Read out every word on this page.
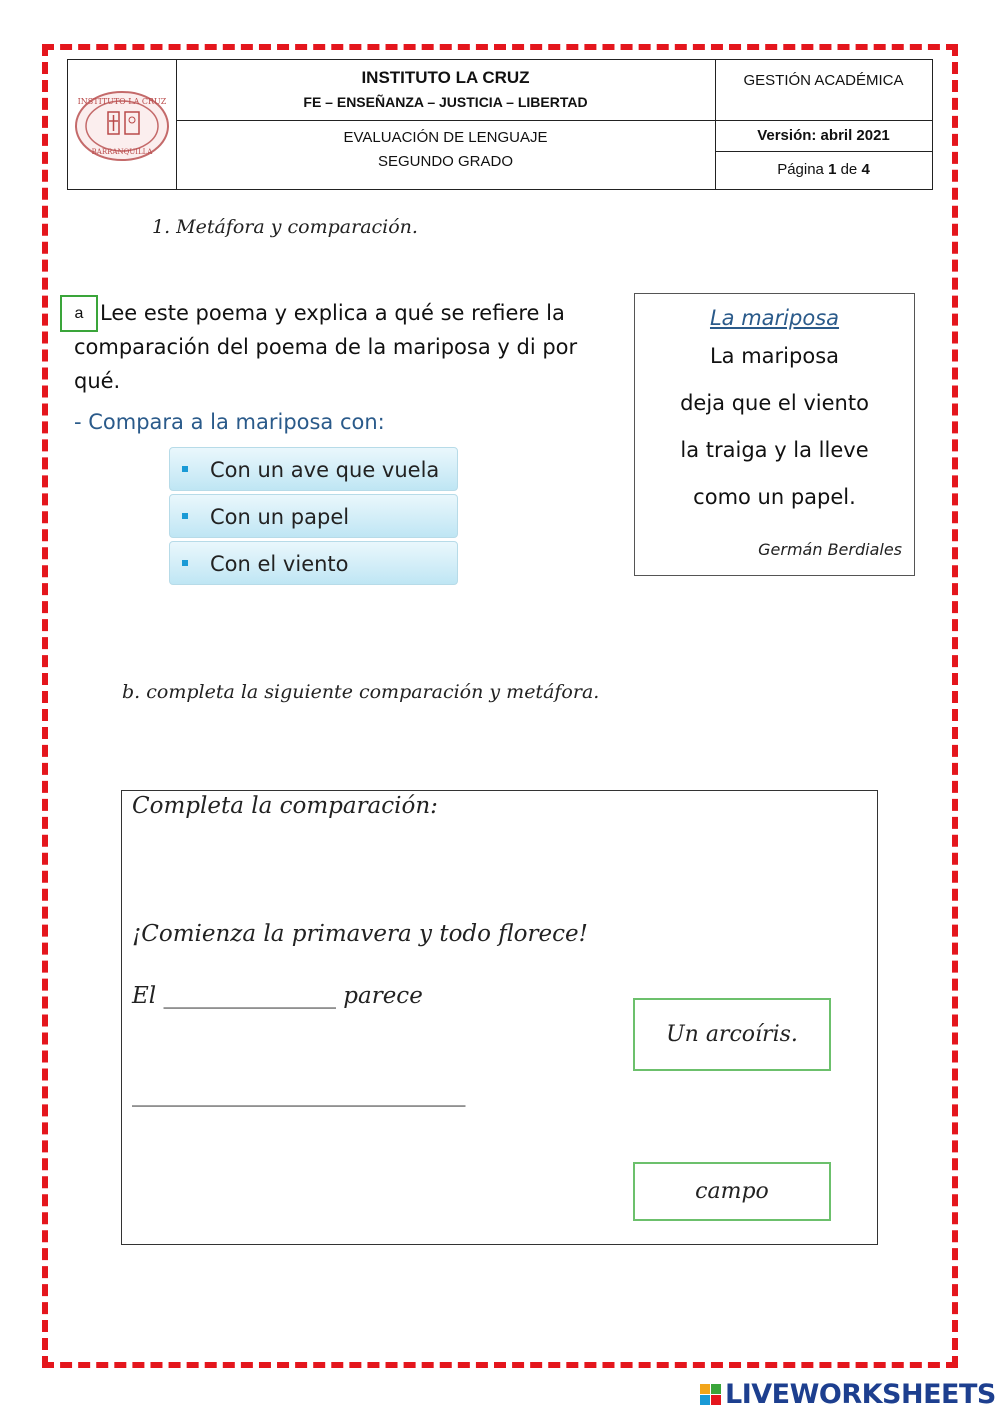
INSTITUTO LA CRUZ
BARRANQUILLA
INSTITUTO LA CRUZ
FE – ENSEÑANZA – JUSTICIA – LIBERTAD
EVALUACIÓN DE LENGUAJE
SEGUNDO GRADO
GESTIÓN ACADÉMICA
Versión: abril 2021
Página 1 de 4
1. Metáfora y comparación.
Lee este poema y explica a qué se refiere la comparación del poema de la mariposa y di por qué.
a
- Compara a la mariposa con:
Con un ave que vuela
Con un papel
Con el viento
La mariposa
La mariposa
deja que el viento
la traiga y la lleve
como un papel.
Germán Berdiales
b. completa la siguiente comparación y metáfora.
Completa la comparación:
¡Comienza la primavera y todo florece!
El _______________ parece
_____________________________
Un arcoíris.
campo
LIVEWORKSHEETS
